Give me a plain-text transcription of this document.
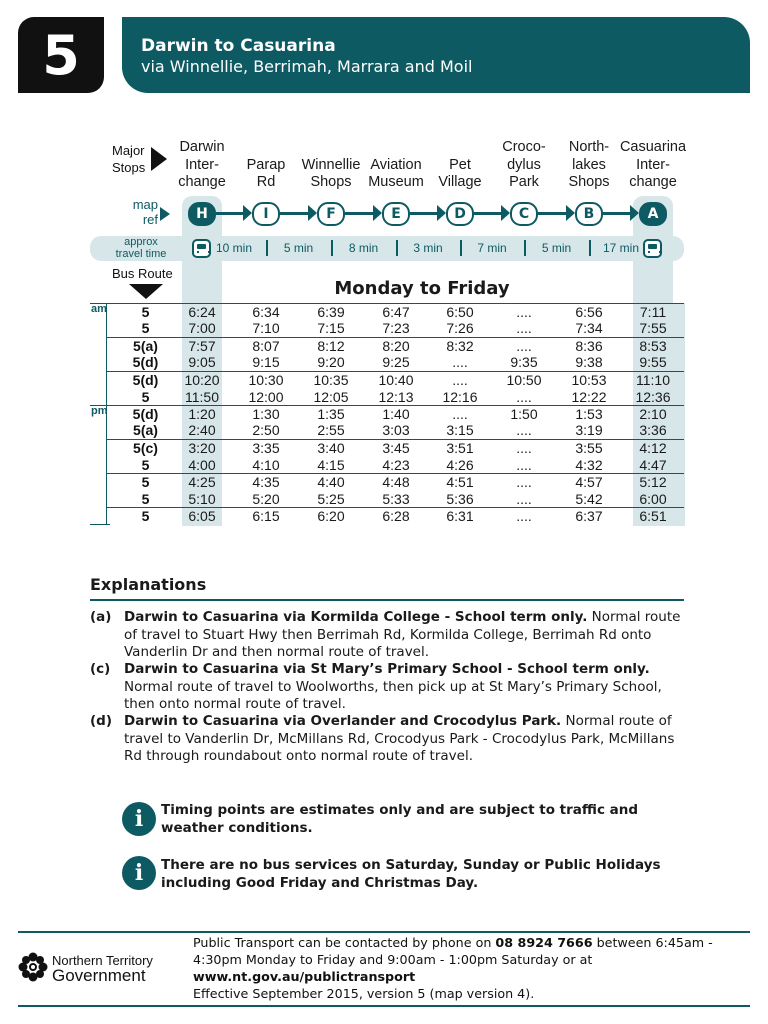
5	Darwin to Casuarina
via Winnellie, Berrimah, Marrara and Moil
Major
Stops
Darwin
Inter-
change
Parap
Rd
Winnellie
Shops
Aviation
Museum
Pet
Village
Croco-
dylus
Park
North-
lakes
Shops
Casuarina
Inter-
change
map
ref	H	I	F	E	D	C	B	A
approx
travel time	10 min	5 min	8 min	3 min	7 min	5 min	17 min
Bus Route
Monday to Friday
am
pm
5	6:24	6:34	6:39	6:47	6:50	....	6:56	7:11
5	7:00	7:10	7:15	7:23	7:26	....	7:34	7:55
5(a)	7:57	8:07	8:12	8:20	8:32	....	8:36	8:53
5(d)	9:05	9:15	9:20	9:25	....	9:35	9:38	9:55
5(d)	10:20	10:30	10:35	10:40	....	10:50	10:53	11:10
5	11:50	12:00	12:05	12:13	12:16	....	12:22	12:36
5(d)	1:20	1:30	1:35	1:40	....	1:50	1:53	2:10
5(a)	2:40	2:50	2:55	3:03	3:15	....	3:19	3:36
5(c)	3:20	3:35	3:40	3:45	3:51	....	3:55	4:12
5	4:00	4:10	4:15	4:23	4:26	....	4:32	4:47
5	4:25	4:35	4:40	4:48	4:51	....	4:57	5:12
5	5:10	5:20	5:25	5:33	5:36	....	5:42	6:00
5	6:05	6:15	6:20	6:28	6:31	....	6:37	6:51
Explanations
(a) Darwin to Casuarina via Kormilda College - School term only. Normal route of travel to Stuart Hwy then Berrimah Rd, Kormilda College, Berrimah Rd onto Vanderlin Dr and then normal route of travel.
(c) Darwin to Casuarina via St Mary’s Primary School - School term only. Normal route of travel to Woolworths, then pick up at St Mary’s Primary School, then onto normal route of travel.
(d) Darwin to Casuarina via Overlander and Crocodylus Park. Normal route of travel to Vanderlin Dr, McMillans Rd, Crocodyus Park - Crocodylus Park, McMillans Rd through roundabout onto normal route of travel.
i	Timing points are estimates only and are subject to traffic and weather conditions.
i	There are no bus services on Saturday, Sunday or Public Holidays including Good Friday and Christmas Day.
Northern Territory
Government
Public Transport can be contacted by phone on 08 8924 7666 between 6:45am - 4:30pm Monday to Friday and 9:00am - 1:00pm Saturday or at
www.nt.gov.au/publictransport
Effective September 2015, version 5 (map version 4).
